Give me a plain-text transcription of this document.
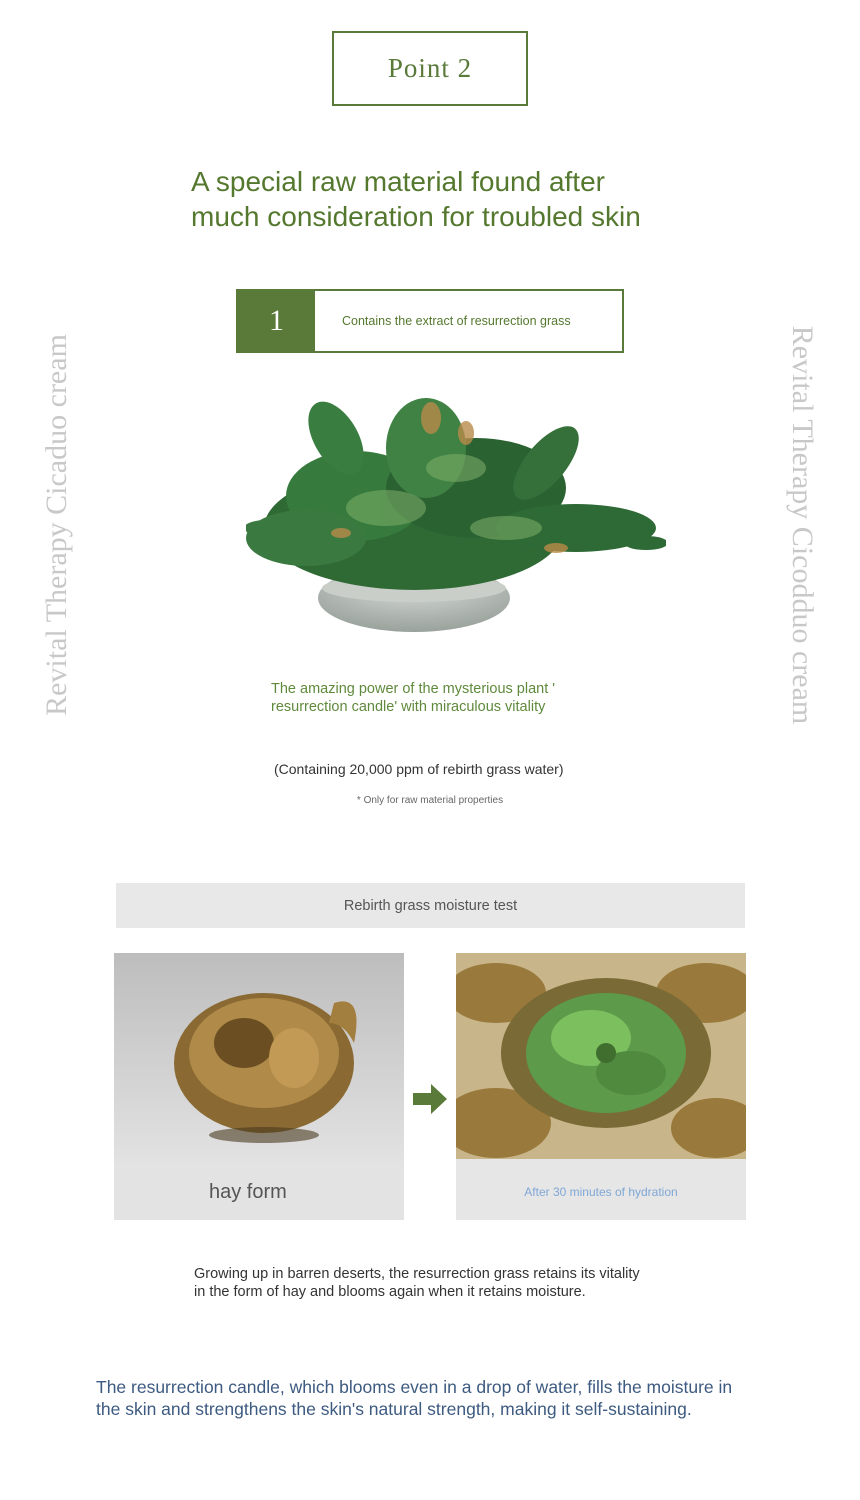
Point 2
A special raw material found after
much consideration for troubled skin
Revital Therapy Cicaduo cream	Revital Therapy Cicodduo cream
1	Contains the extract of resurrection grass
The amazing power of the mysterious plant '
resurrection candle' with miraculous vitality
(Containing 20,000 ppm of rebirth grass water)
* Only for raw material properties
Rebirth grass moisture test
hay form	After 30 minutes of hydration
Growing up in barren deserts, the resurrection grass retains its vitality
in the form of hay and blooms again when it retains moisture.
The resurrection candle, which blooms even in a drop of water, fills the moisture in
the skin and strengthens the skin's natural strength, making it self-sustaining.
